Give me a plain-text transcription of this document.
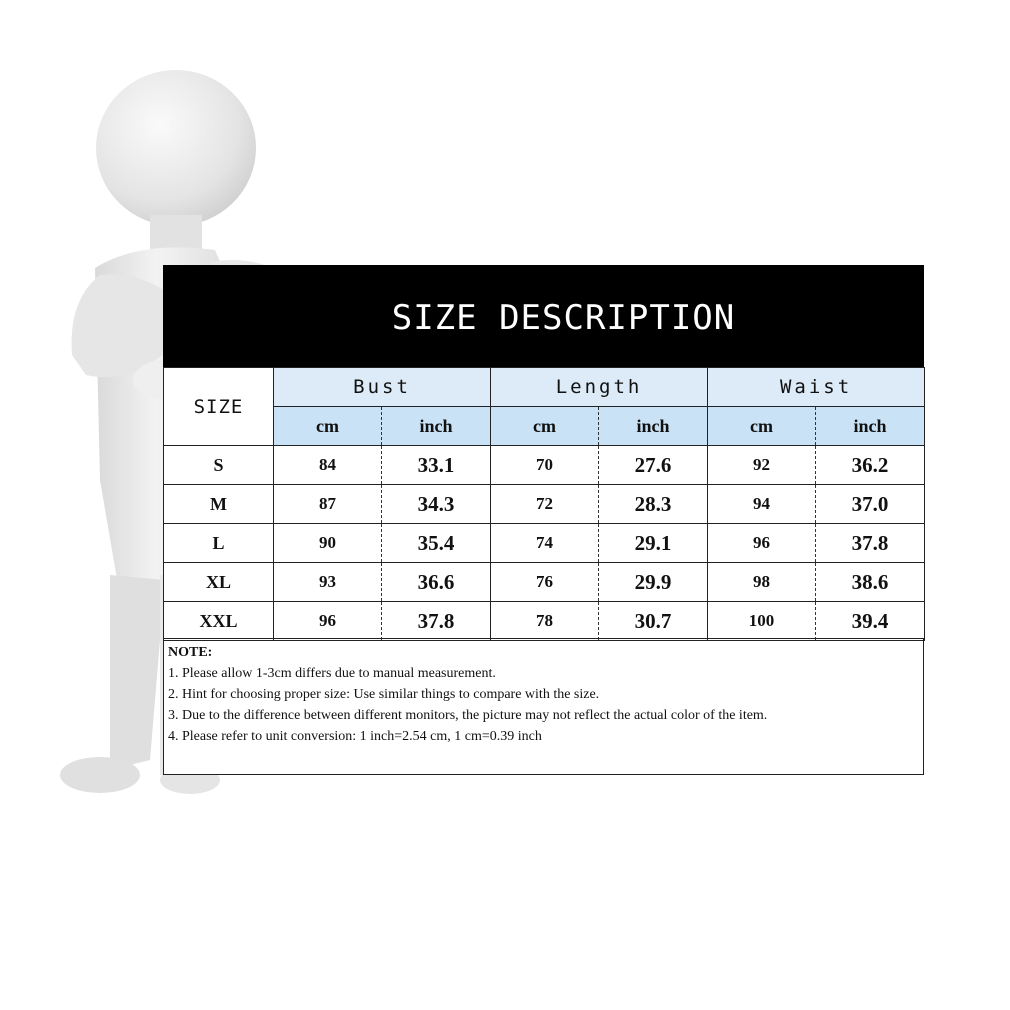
SIZE DESCRIPTION
SIZE	Bust		Length		Waist	
	cm	inch	cm	inch	cm	inch
S	84	33.1	70	27.6	92	36.2
M	87	34.3	72	28.3	94	37.0
L	90	35.4	74	29.1	96	37.8
XL	93	36.6	76	29.9	98	38.6
XXL	96	37.8	78	30.7	100	39.4
NOTE:
1. Please allow 1-3cm differs due to manual measurement.
2. Hint for choosing proper size: Use similar things to compare with the size.
3. Due to the difference between different monitors, the picture may not reflect the actual color of the item.
4. Please refer to unit conversion: 1 inch=2.54 cm, 1 cm=0.39 inch
